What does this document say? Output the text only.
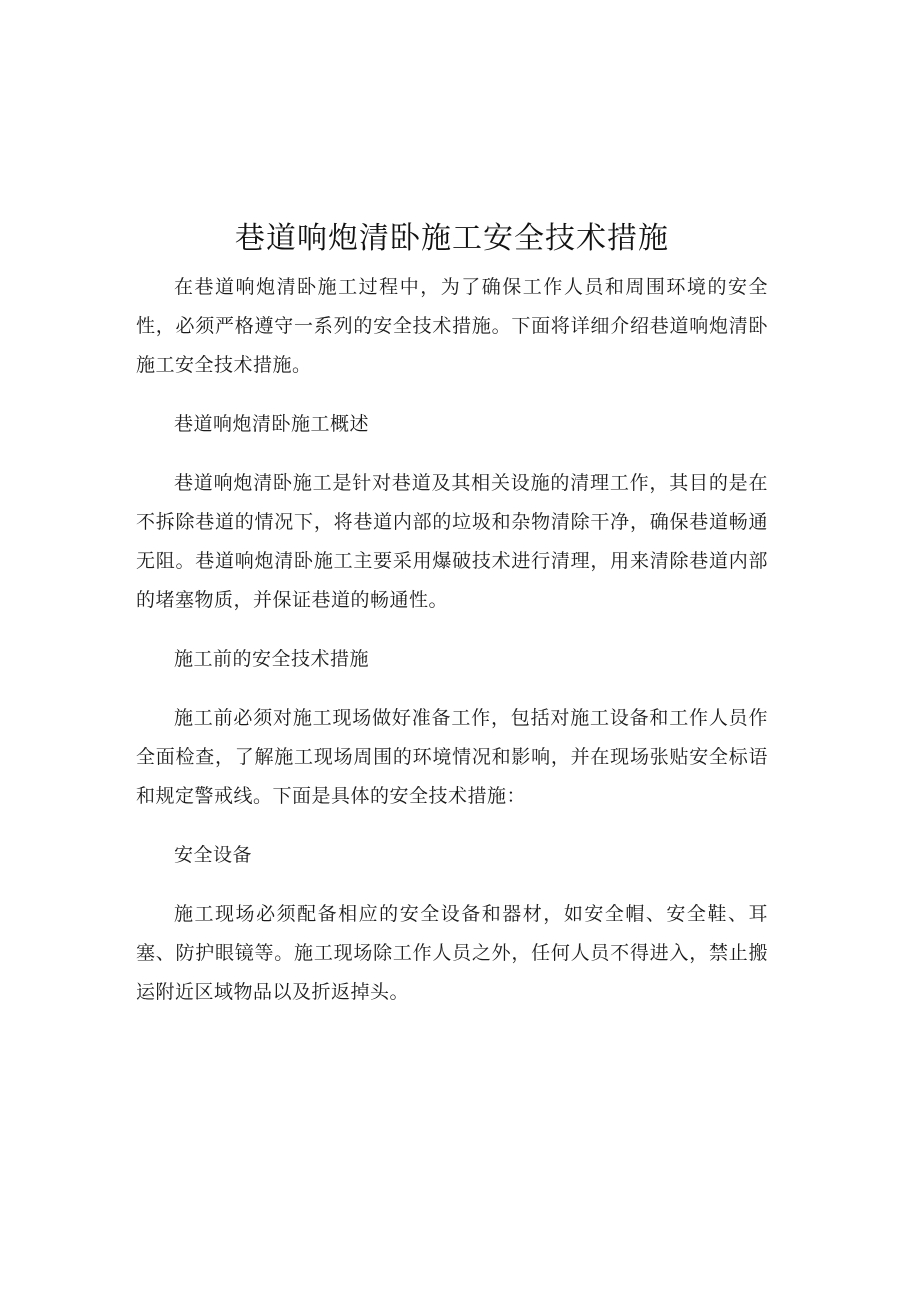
巷道响炮清卧施工安全技术措施

在巷道响炮清卧施工过程中，为了确保工作人员和周围环境的安全性，必须严格遵守一系列的安全技术措施。下面将详细介绍巷道响炮清卧施工安全技术措施。

巷道响炮清卧施工概述

巷道响炮清卧施工是针对巷道及其相关设施的清理工作，其目的是在不拆除巷道的情况下，将巷道内部的垃圾和杂物清除干净，确保巷道畅通无阻。巷道响炮清卧施工主要采用爆破技术进行清理，用来清除巷道内部的堵塞物质，并保证巷道的畅通性。

施工前的安全技术措施

施工前必须对施工现场做好准备工作，包括对施工设备和工作人员作全面检查，了解施工现场周围的环境情况和影响，并在现场张贴安全标语和规定警戒线。下面是具体的安全技术措施：

安全设备

施工现场必须配备相应的安全设备和器材，如安全帽、安全鞋、耳塞、防护眼镜等。施工现场除工作人员之外，任何人员不得进入，禁止搬运附近区域物品以及折返掉头。
